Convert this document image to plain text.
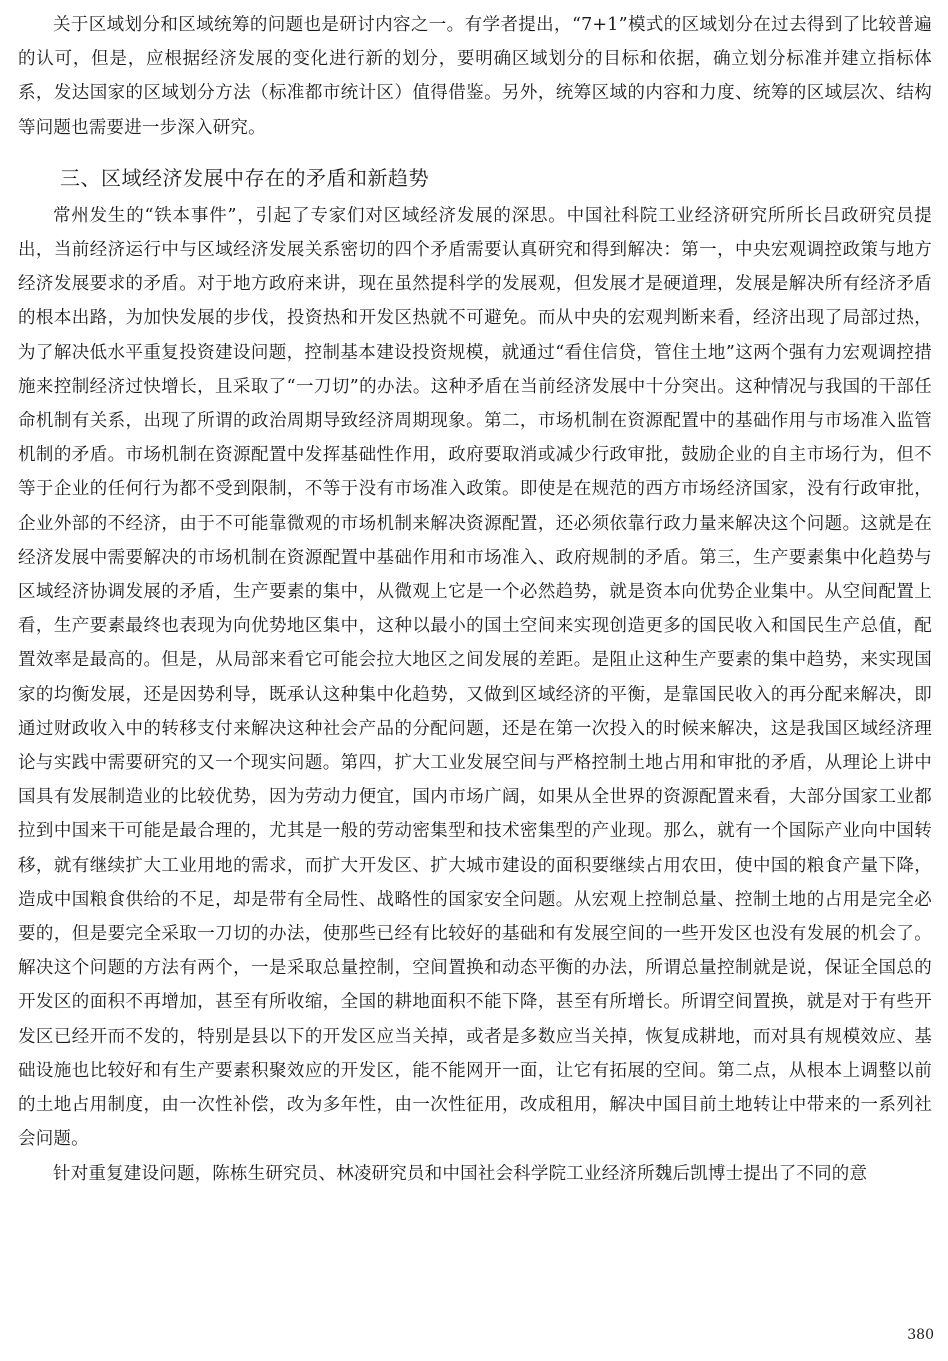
关于区域划分和区域统筹的问题也是研讨内容之一。有学者提出，“7+1”模式的区域划分在过去得到了比较普遍的认可，但是，应根据经济发展的变化进行新的划分，要明确区域划分的目标和依据，确立划分标准并建立指标体系，发达国家的区域划分方法（标准都市统计区）值得借鉴。另外，统筹区域的内容和力度、统筹的区域层次、结构等问题也需要进一步深入研究。

三、区域经济发展中存在的矛盾和新趋势

常州发生的“铁本事件”，引起了专家们对区域经济发展的深思。中国社科院工业经济研究所所长吕政研究员提出，当前经济运行中与区域经济发展关系密切的四个矛盾需要认真研究和得到解决：第一，中央宏观调控政策与地方经济发展要求的矛盾。对于地方政府来讲，现在虽然提科学的发展观，但发展才是硬道理，发展是解决所有经济矛盾的根本出路，为加快发展的步伐，投资热和开发区热就不可避免。而从中央的宏观判断来看，经济出现了局部过热，为了解决低水平重复投资建设问题，控制基本建设投资规模，就通过“看住信贷，管住土地”这两个强有力宏观调控措施来控制经济过快增长，且采取了“一刀切”的办法。这种矛盾在当前经济发展中十分突出。这种情况与我国的干部任命机制有关系，出现了所谓的政治周期导致经济周期现象。第二，市场机制在资源配置中的基础作用与市场准入监管机制的矛盾。市场机制在资源配置中发挥基础性作用，政府要取消或减少行政审批，鼓励企业的自主市场行为，但不等于企业的任何行为都不受到限制，不等于没有市场准入政策。即使是在规范的西方市场经济国家，没有行政审批，企业外部的不经济，由于不可能靠微观的市场机制来解决资源配置，还必须依靠行政力量来解决这个问题。这就是在经济发展中需要解决的市场机制在资源配置中基础作用和市场准入、政府规制的矛盾。第三，生产要素集中化趋势与区域经济协调发展的矛盾，生产要素的集中，从微观上它是一个必然趋势，就是资本向优势企业集中。从空间配置上看，生产要素最终也表现为向优势地区集中，这种以最小的国土空间来实现创造更多的国民收入和国民生产总值，配置效率是最高的。但是，从局部来看它可能会拉大地区之间发展的差距。是阻止这种生产要素的集中趋势，来实现国家的均衡发展，还是因势利导，既承认这种集中化趋势，又做到区域经济的平衡，是靠国民收入的再分配来解决，即通过财政收入中的转移支付来解决这种社会产品的分配问题，还是在第一次投入的时候来解决，这是我国区域经济理论与实践中需要研究的又一个现实问题。第四，扩大工业发展空间与严格控制土地占用和审批的矛盾，从理论上讲中国具有发展制造业的比较优势，因为劳动力便宜，国内市场广阔，如果从全世界的资源配置来看，大部分国家工业都拉到中国来干可能是最合理的，尤其是一般的劳动密集型和技术密集型的产业现。那么，就有一个国际产业向中国转移，就有继续扩大工业用地的需求，而扩大开发区、扩大城市建设的面积要继续占用农田，使中国的粮食产量下降，造成中国粮食供给的不足，却是带有全局性、战略性的国家安全问题。从宏观上控制总量、控制土地的占用是完全必要的，但是要完全采取一刀切的办法，使那些已经有比较好的基础和有发展空间的一些开发区也没有发展的机会了。解决这个问题的方法有两个，一是采取总量控制，空间置换和动态平衡的办法，所谓总量控制就是说，保证全国总的开发区的面积不再增加，甚至有所收缩，全国的耕地面积不能下降，甚至有所增长。所谓空间置换，就是对于有些开发区已经开而不发的，特别是县以下的开发区应当关掉，或者是多数应当关掉，恢复成耕地，而对具有规模效应、基础设施也比较好和有生产要素积聚效应的开发区，能不能网开一面，让它有拓展的空间。第二点，从根本上调整以前的土地占用制度，由一次性补偿，改为多年性，由一次性征用，改成租用，解决中国目前土地转让中带来的一系列社会问题。

针对重复建设问题，陈栋生研究员、林凌研究员和中国社会科学院工业经济所魏后凯博士提出了不同的意

380
